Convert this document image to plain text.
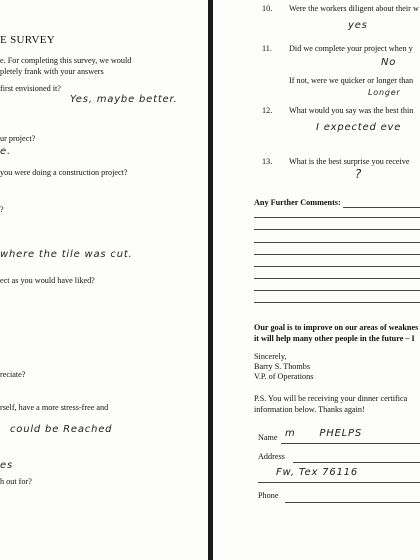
E SURVEY
e. For completing this survey, we would
pletely frank with your answers
first envisioned it?
Yes, maybe better.
ur project?
e.
you were doing a construction project?
?
where the tile was cut.
ect as you would have liked?
reciate?
rself, have a more stress-free and
could be Reached
es
h out for?
10. Were the workers diligent about their w
yes
11. Did we complete your project when y
No
If not, were we quicker or longer than
Longer
12. What would you say was the best thin
I expected eve
13. What is the best surprise you receive
?
Any Further Comments:
Our goal is to improve on our areas of weaknes
it will help many other people in the future – I
Sincerely,
Barry S. Thombs
V.P. of Operations
P.S. You will be receiving your dinner certifica
information below. Thanks again!
Name m      PHELPS
Address
Fw, Tex 76116
Phone
